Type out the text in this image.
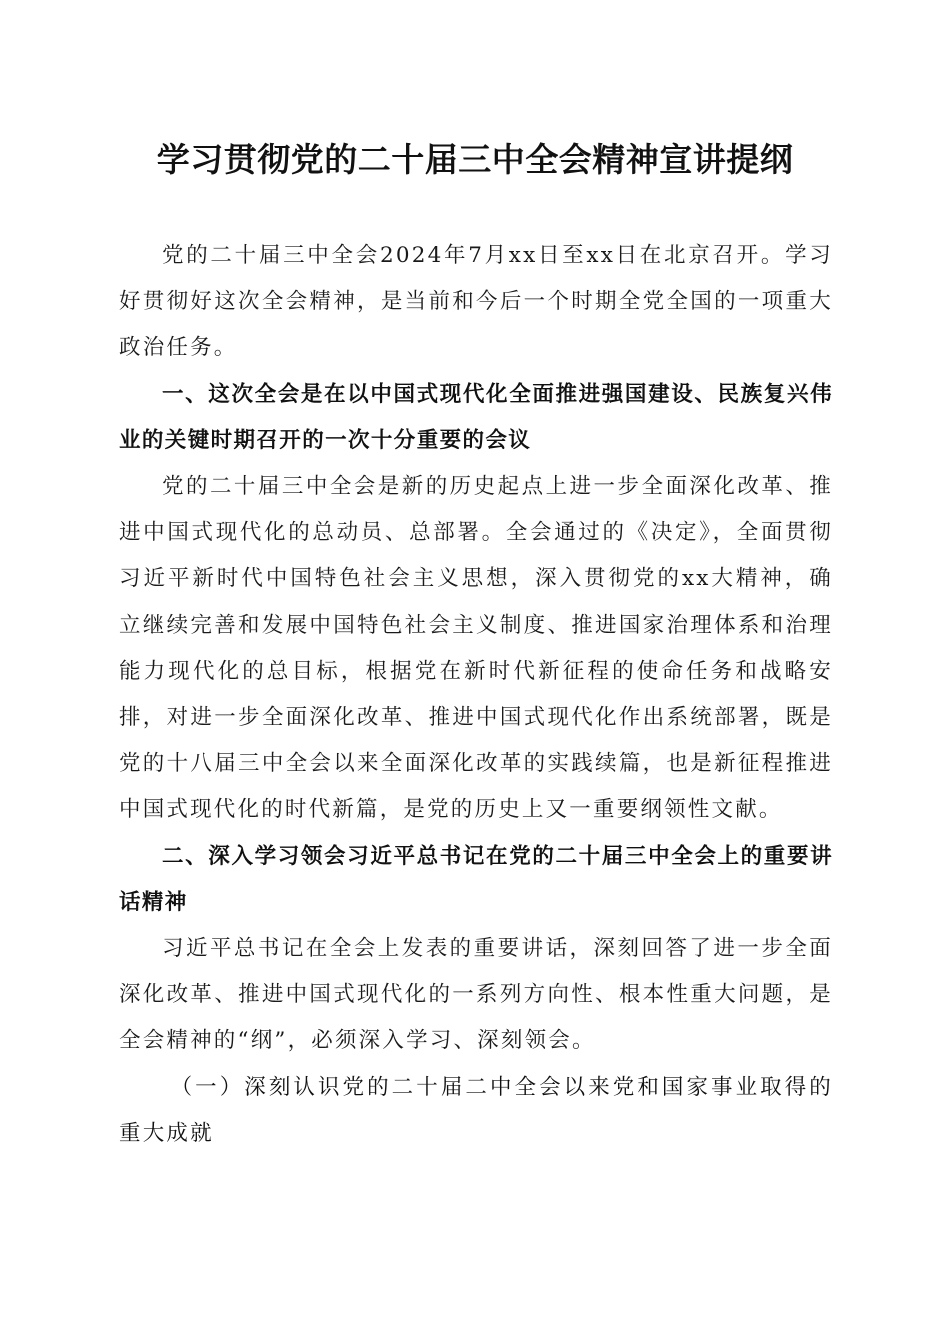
学习贯彻党的二十届三中全会精神宣讲提纲

党的二十届三中全会2024年7月xx日至xx日在北京召开。学习好贯彻好这次全会精神，是当前和今后一个时期全党全国的一项重大政治任务。

一、这次全会是在以中国式现代化全面推进强国建设、民族复兴伟业的关键时期召开的一次十分重要的会议

党的二十届三中全会是新的历史起点上进一步全面深化改革、推进中国式现代化的总动员、总部署。全会通过的《决定》，全面贯彻习近平新时代中国特色社会主义思想，深入贯彻党的xx大精神，确立继续完善和发展中国特色社会主义制度、推进国家治理体系和治理能力现代化的总目标，根据党在新时代新征程的使命任务和战略安排，对进一步全面深化改革、推进中国式现代化作出系统部署，既是党的十八届三中全会以来全面深化改革的实践续篇，也是新征程推进中国式现代化的时代新篇，是党的历史上又一重要纲领性文献。

二、深入学习领会习近平总书记在党的二十届三中全会上的重要讲话精神

习近平总书记在全会上发表的重要讲话，深刻回答了进一步全面深化改革、推进中国式现代化的一系列方向性、根本性重大问题，是全会精神的“纲”，必须深入学习、深刻领会。

（一）深刻认识党的二十届二中全会以来党和国家事业取得的重大成就
